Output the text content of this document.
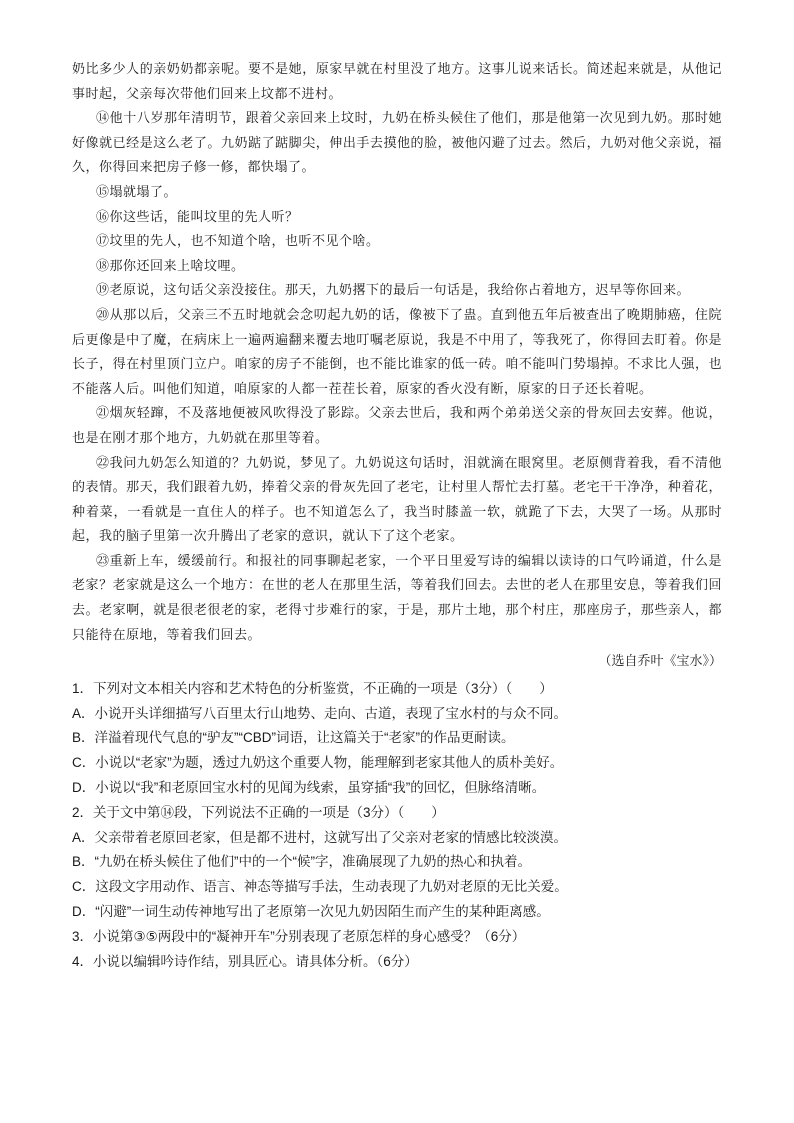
奶比多少人的亲奶奶都亲呢。要不是她，原家早就在村里没了地方。这事儿说来话长。简述起来就是，从他记事时起，父亲每次带他们回来上坟都不进村。

⑭他十八岁那年清明节，跟着父亲回来上坟时，九奶在桥头候住了他们，那是他第一次见到九奶。那时她好像就已经是这么老了。九奶踮了踮脚尖，伸出手去摸他的脸，被他闪避了过去。然后，九奶对他父亲说，福久，你得回来把房子修一修，都快塌了。

⑮塌就塌了。

⑯你这些话，能叫坟里的先人听？

⑰坟里的先人，也不知道个啥，也听不见个啥。

⑱那你还回来上啥坟哩。

⑲老原说，这句话父亲没接住。那天，九奶撂下的最后一句话是，我给你占着地方，迟早等你回来。

⑳从那以后，父亲三不五时地就会念叨起九奶的话，像被下了蛊。直到他五年后被查出了晚期肺癌，住院后更像是中了魔，在病床上一遍两遍翻来覆去地叮嘱老原说，我是不中用了，等我死了，你得回去盯着。你是长子，得在村里顶门立户。咱家的房子不能倒，也不能比谁家的低一砖。咱不能叫门势塌掉。不求比人强，也不能落人后。叫他们知道，咱原家的人都一茬茬长着，原家的香火没有断，原家的日子还长着呢。

㉑烟灰轻蹿，不及落地便被风吹得没了影踪。父亲去世后，我和两个弟弟送父亲的骨灰回去安葬。他说，也是在刚才那个地方，九奶就在那里等着。

㉒我问九奶怎么知道的？九奶说，梦见了。九奶说这句话时，泪就滴在眼窝里。老原侧背着我，看不清他的表情。那天，我们跟着九奶，捧着父亲的骨灰先回了老宅，让村里人帮忙去打墓。老宅干干净净，种着花，种着菜，一看就是一直住人的样子。也不知道怎么了，我当时膝盖一软，就跪了下去，大哭了一场。从那时起，我的脑子里第一次升腾出了老家的意识，就认下了这个老家。

㉓重新上车，缓缓前行。和报社的同事聊起老家，一个平日里爱写诗的编辑以读诗的口气吟诵道，什么是老家？老家就是这么一个地方：在世的老人在那里生活，等着我们回去。去世的老人在那里安息，等着我们回去。老家啊，就是很老很老的家，老得寸步难行的家，于是，那片土地，那个村庄，那座房子，那些亲人，都只能待在原地，等着我们回去。

（选自乔叶《宝水》）

1．下列对文本相关内容和艺术特色的分析鉴赏，不正确的一项是（3分）（　　）

A．小说开头详细描写八百里太行山地势、走向、古道，表现了宝水村的与众不同。

B．洋溢着现代气息的“驴友”“CBD”词语，让这篇关于“老家”的作品更耐读。

C．小说以“老家”为题，透过九奶这个重要人物，能理解到老家其他人的质朴美好。

D．小说以“我”和老原回宝水村的见闻为线索，虽穿插“我”的回忆，但脉络清晰。

2．关于文中第⑭段，下列说法不正确的一项是（3分）（　　）

A．父亲带着老原回老家，但是都不进村，这就写出了父亲对老家的情感比较淡漠。

B．“九奶在桥头候住了他们”中的一个“候”字，准确展现了九奶的热心和执着。

C．这段文字用动作、语言、神态等描写手法，生动表现了九奶对老原的无比关爱。

D．“闪避”一词生动传神地写出了老原第一次见九奶因陌生而产生的某种距离感。

3．小说第③⑤两段中的“凝神开车”分别表现了老原怎样的身心感受？（6分）

4．小说以编辑吟诗作结，别具匠心。请具体分析。（6分）
